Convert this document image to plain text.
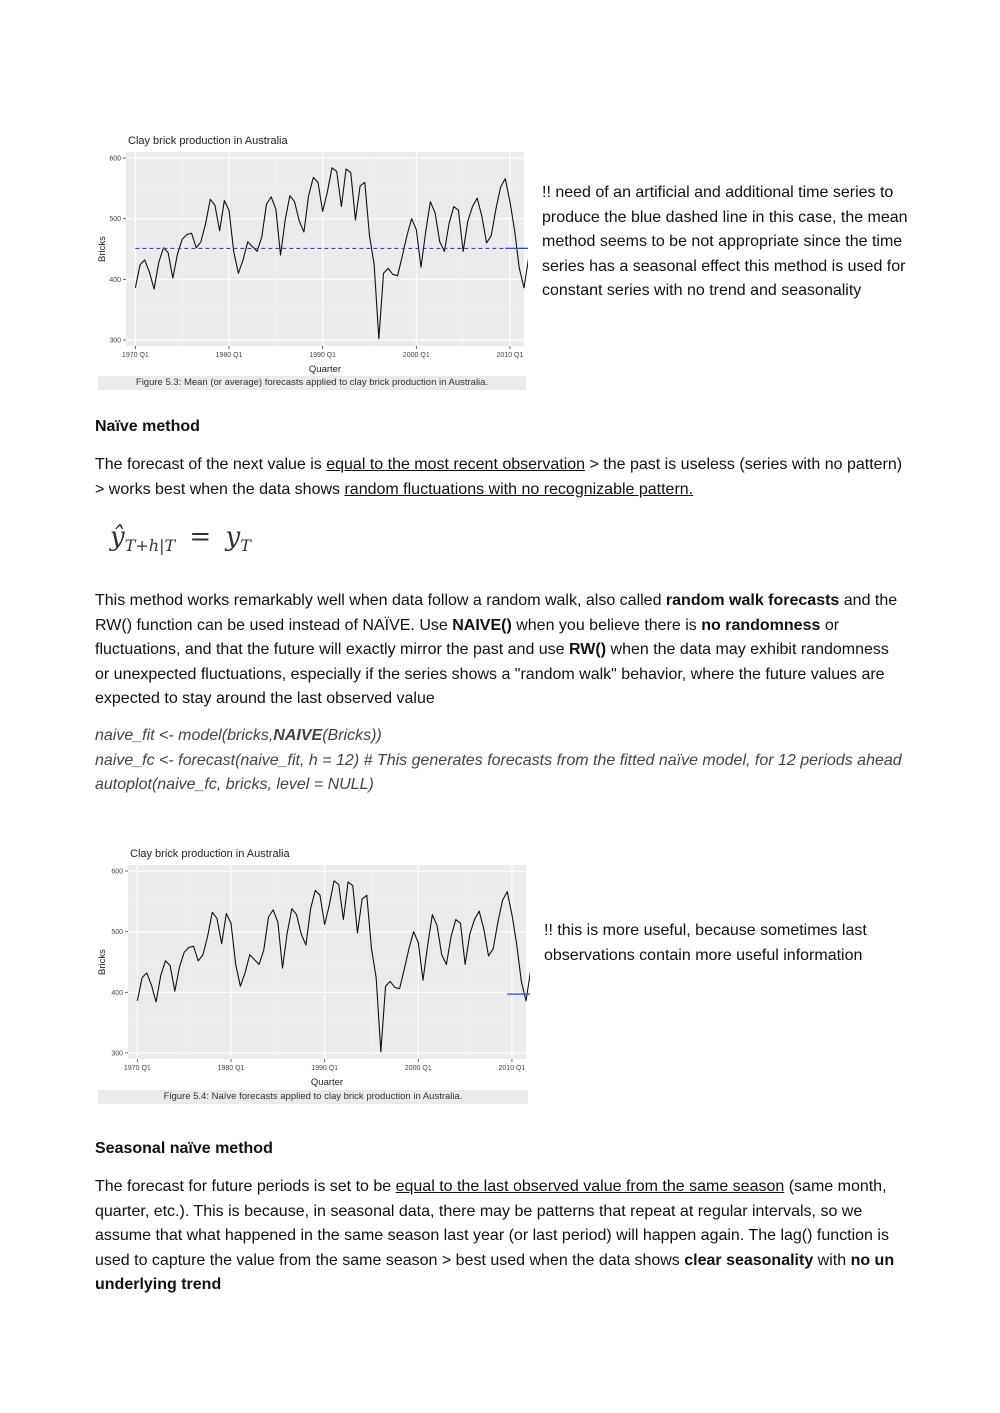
Clay brick production in Australia
300
400
500
600
1970 Q1	1980 Q1	1990 Q1	2000 Q1	2010 Q1
Quarter
Bricks
Figure 5.3: Mean (or average) forecasts applied to clay brick production in Australia.
!! need of an artificial and additional time series to produce the blue dashed line in this case, the mean method seems to be not appropriate since the time series has a seasonal effect this method is used for constant series with no trend and seasonality
Naïve method
The forecast of the next value is equal to the most recent observation > the past is useless (series with no pattern) > works best when the data shows random fluctuations with no recognizable pattern.
$ŷ_{T+h|T} = y_T$
This method works remarkably well when data follow a random walk, also called random walk forecasts and the RW() function can be used instead of NAÏVE. Use NAIVE() when you believe there is no randomness or fluctuations, and that the future will exactly mirror the past and use RW() when the data may exhibit randomness or unexpected fluctuations, especially if the series shows a "random walk" behavior, where the future values are expected to stay around the last observed value
naive_fit <- model(bricks,NAIVE(Bricks))
naive_fc <- forecast(naive_fit, h = 12) # This generates forecasts from the fitted naïve model, for 12 periods ahead
autoplot(naive_fc, bricks, level = NULL)
Clay brick production in Australia
300
400
500
600
1970 Q1	1980 Q1	1990 Q1	2000 Q1	2010 Q1
Quarter
Bricks
Figure 5.4: Naïve forecasts applied to clay brick production in Australia.
!! this is more useful, because sometimes last observations contain more useful information
Seasonal naïve method
The forecast for future periods is set to be equal to the last observed value from the same season (same month, quarter, etc.). This is because, in seasonal data, there may be patterns that repeat at regular intervals, so we assume that what happened in the same season last year (or last period) will happen again. The lag() function is used to capture the value from the same season > best used when the data shows clear seasonality with no un underlying trend
